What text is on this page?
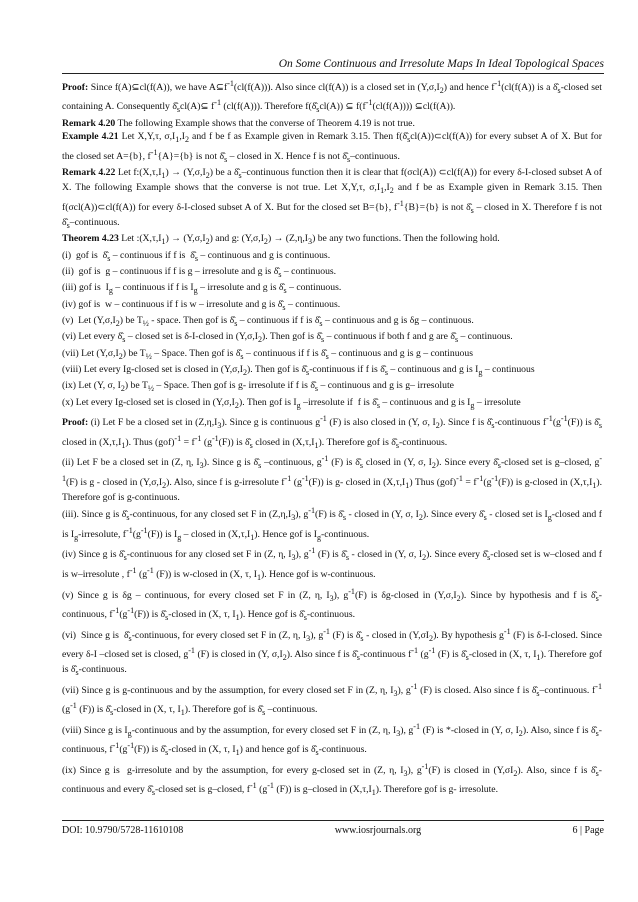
On Some Continuous and Irresolute Maps In Ideal Topological Spaces

Proof: Since f(A)⊆cl(f(A)), we have $A⊆f^{-1}(cl(f(A)))$. Also since cl(f(A)) is a closed set in $(Y,\sigma,I_2)$ and hence $f^{-1}(cl(f(A))$ is a $\deltâ_s$-closed set containing A. Consequently $\deltâ_scl(A)⊆$ $f^{-1}$ (cl(f(A))). Therefore $f(\deltâ_scl(A))$ ⊆ $f(f^{-1}(cl(f(A))))$ ⊆cl(f(A)).

Remark 4.20 The following Example shows that the converse of Theorem 4.19 is not true.

Example 4.21 Let X,Y,τ, $\sigma,I_1,I_2$ and f be f as Example given in Remark 3.15. Then $f(\deltâ_scl(A))\subset cl(f(A))$ for every subset A of X. But for the closed set A={b}, $f^{-1}\{A\}=\{b\}$ is not $\deltâ_s$ – closed in X. Hence f is not $\deltâ_s$–continuous.

Remark 4.22 Let $f:(X,\tau,I_1) \to (Y,\sigma,I_2)$ be a $\deltâ_s$–continuous function then it is clear that f(σcl(A)) ⊂cl(f(A)) for every δ-I-closed subset A of X. The following Example shows that the converse is not true. Let X,Y,τ, $\sigma,I_1,I_2$ and f be as Example given in Remark 3.15. Then f(σcl(A))⊂cl(f(A)) for every δ-I-closed subset A of X. But for the closed set B={b}, $f^{-1}\{B\}=\{b\}$ is not $\deltâ_s$ – closed in X. Therefore f is not $\deltâ_s$–continuous.

Theorem 4.23 Let $:(X,\tau,I_1) \to (Y,\sigma,I_2)$ and g: $(Y,\sigma,I_2) \to (Z,\eta,I_3)$ be any two functions. Then the following hold.

(i)  gof is  $\deltâ_s$ – continuous if f is  $\deltâ_s$ – continuous and g is continuous.

(ii)  gof is  g – continuous if f is g – irresolute and g is $\deltâ_s$ – continuous.

(iii) gof is  $I_g$ – continuous if f is $I_g$ – irresolute and g is $\deltâ_s$ – continuous.

(iv) gof is  w – continuous if f is w – irresolute and g is $\deltâ_s$ – continuous.

(v)  Let $(Y,\sigma,I_2)$ be $T_{\frac{1}{2}}$ - space. Then gof is $\deltâ_s$ – continuous if f is $\deltâ_s$ – continuous and g is δg – continuous.

(vi) Let every $\deltâ_s$ – closed set is δ-I-closed in $(Y,\sigma,I_2)$. Then gof is $\deltâ_s$ – continuous if both f and g are $\deltâ_s$ – continuous.

(vii) Let $(Y,\sigma,I_2)$ be $T_{\frac{1}{2}}$ – Space. Then gof is $\deltâ_s$ – continuous if f is $\deltâ_s$ – continuous and g is g – continuous

(viii) Let every Ig-closed set is closed in $(Y,\sigma,I_2)$. Then gof is $\deltâ_s$-continuous if f is $\deltâ_s$ – continuous and g is $I_g$ – continuous

(ix) Let (Y, σ, $I_2$) be $T_{\frac{1}{2}}$ – Space. Then gof is g- irresolute if f is $\deltâ_s$ – continuous and g is g– irresolute

(x) Let every Ig-closed set is closed in $(Y,\sigma,I_2)$. Then gof is $I_g$ –irresolute if  f is $\deltâ_s$ – continuous and g is $I_g$ – irresolute

Proof: (i) Let F be a closed set in $(Z,\eta,I_3)$. Since g is continuous $g^{-1}$ (F) is also closed in (Y, σ, $I_2$). Since f is $\deltâ_s$-continuous $f^{-1}(g^{-1}(F))$ is $\deltâ_s$ closed in $(X,\tau,I_1)$. Thus $(gof)^{-1} = f^{-1}$ $(g^{-1}(F))$ is $\deltâ_s$ closed in $(X,\tau,I_1)$. Therefore gof is $\deltâ_s$-continuous.

(ii) Let F be a closed set in (Z, η, $I_3$). Since g is $\deltâ_s$ –continuous, $g^{-1}$ (F) is $\deltâ_s$ closed in (Y, σ, $I_2$). Since every $\deltâ_s$-closed set is g–closed, $g^{-1}(F)$ is g - closed in $(Y,\sigma,I_2)$. Also, since f is g-irresolute $f^{-1}$ $(g^{-1}(F))$ is g- closed in $(X,\tau,I_1)$ Thus $(gof)^{-1} = f^{-1}(g^{-1}(F))$ is g-closed in $(X,\tau,I_1)$. Therefore gof is g-continuous.

(iii). Since g is $\deltâ_s$-continuous, for any closed set F in $(Z,\eta,I_3)$, $g^{-1}(F)$ is $\deltâ_s$ - closed in (Y, σ, $I_2$). Since every $\deltâ_s$ - closed set is $I_g$-closed and f is $I_g$-irresolute, $f^{-1}(g^{-1}(F))$ is $I_g$ – closed in $(X,\tau,I_1)$. Hence gof is $I_g$-continuous.

(iv) Since g is $\deltâ_s$-continuous for any closed set F in (Z, η, $I_3$), $g^{-1}$ (F) is $\deltâ_s$ - closed in (Y, σ, $I_2$). Since every $\deltâ_s$-closed set is w–closed and f is w–irresolute , $f^{-1}$ ($g^{-1}$ (F)) is w-closed in (X, τ, $I_1$). Hence gof is w-continuous.

(v) Since g is δg – continuous, for every closed set F in (Z, η, $I_3$), $g^{-1}(F)$ is δg-closed in $(Y,\sigma,I_2)$. Since by hypothesis and f is $\deltâ_s$-continuous, $f^{-1}(g^{-1}(F))$ is $\deltâ_s$-closed in (X, τ, $I_1$). Hence gof is $\deltâ_s$-continuous.

(vi)  Since g is  $\deltâ_s$-continuous, for every closed set F in (Z, η, $I_3$), $g^{-1}$ (F) is $\deltâ_s$ - closed in $(Y,\sigma I_2)$. By hypothesis $g^{-1}$ (F) is δ-I-closed. Since every δ-I –closed set is closed, $g^{-1}$ (F) is closed in (Y, $\sigma,I_2$). Also since f is $\deltâ_s$-continuous $f^{-1}$ ($g^{-1}$ (F) is $\deltâ_s$-closed in (X, τ, $I_1$). Therefore gof is $\deltâ_s$-continuous.

(vii) Since g is g-continuous and by the assumption, for every closed set F in (Z, η, $I_3$), $g^{-1}$ (F) is closed. Also since f is $\deltâ_s$–continuous. $f^{-1}$ ($g^{-1}$ (F)) is $\deltâ_s$-closed in (X, τ, $I_1$). Therefore gof is $\deltâ_s$ –continuous.

(viii) Since g is $I_g$-continuous and by the assumption, for every closed set F in (Z, η, $I_3$), $g^{-1}$ (F) is *-closed in (Y, σ, $I_2$). Also, since f is $\deltâ_s$-continuous, $f^{-1}(g^{-1}(F))$ is $\deltâ_s$-closed in (X, τ, $I_1$) and hence gof is $\deltâ_s$-continuous.

(ix) Since g is  g-irresolute and by the assumption, for every g-closed set in (Z, η, $I_3$), $g^{-1}(F)$ is closed in $(Y,\sigma I_2)$. Also, since f is $\deltâ_s$-continuous and every $\deltâ_s$-closed set is g–closed, $f^{-1}$ ($g^{-1}$ (F)) is g–closed in $(X,\tau,I_1)$. Therefore gof is g- irresolute.

DOI: 10.9790/5728-11610108	www.iosrjournals.org	6 | Page
